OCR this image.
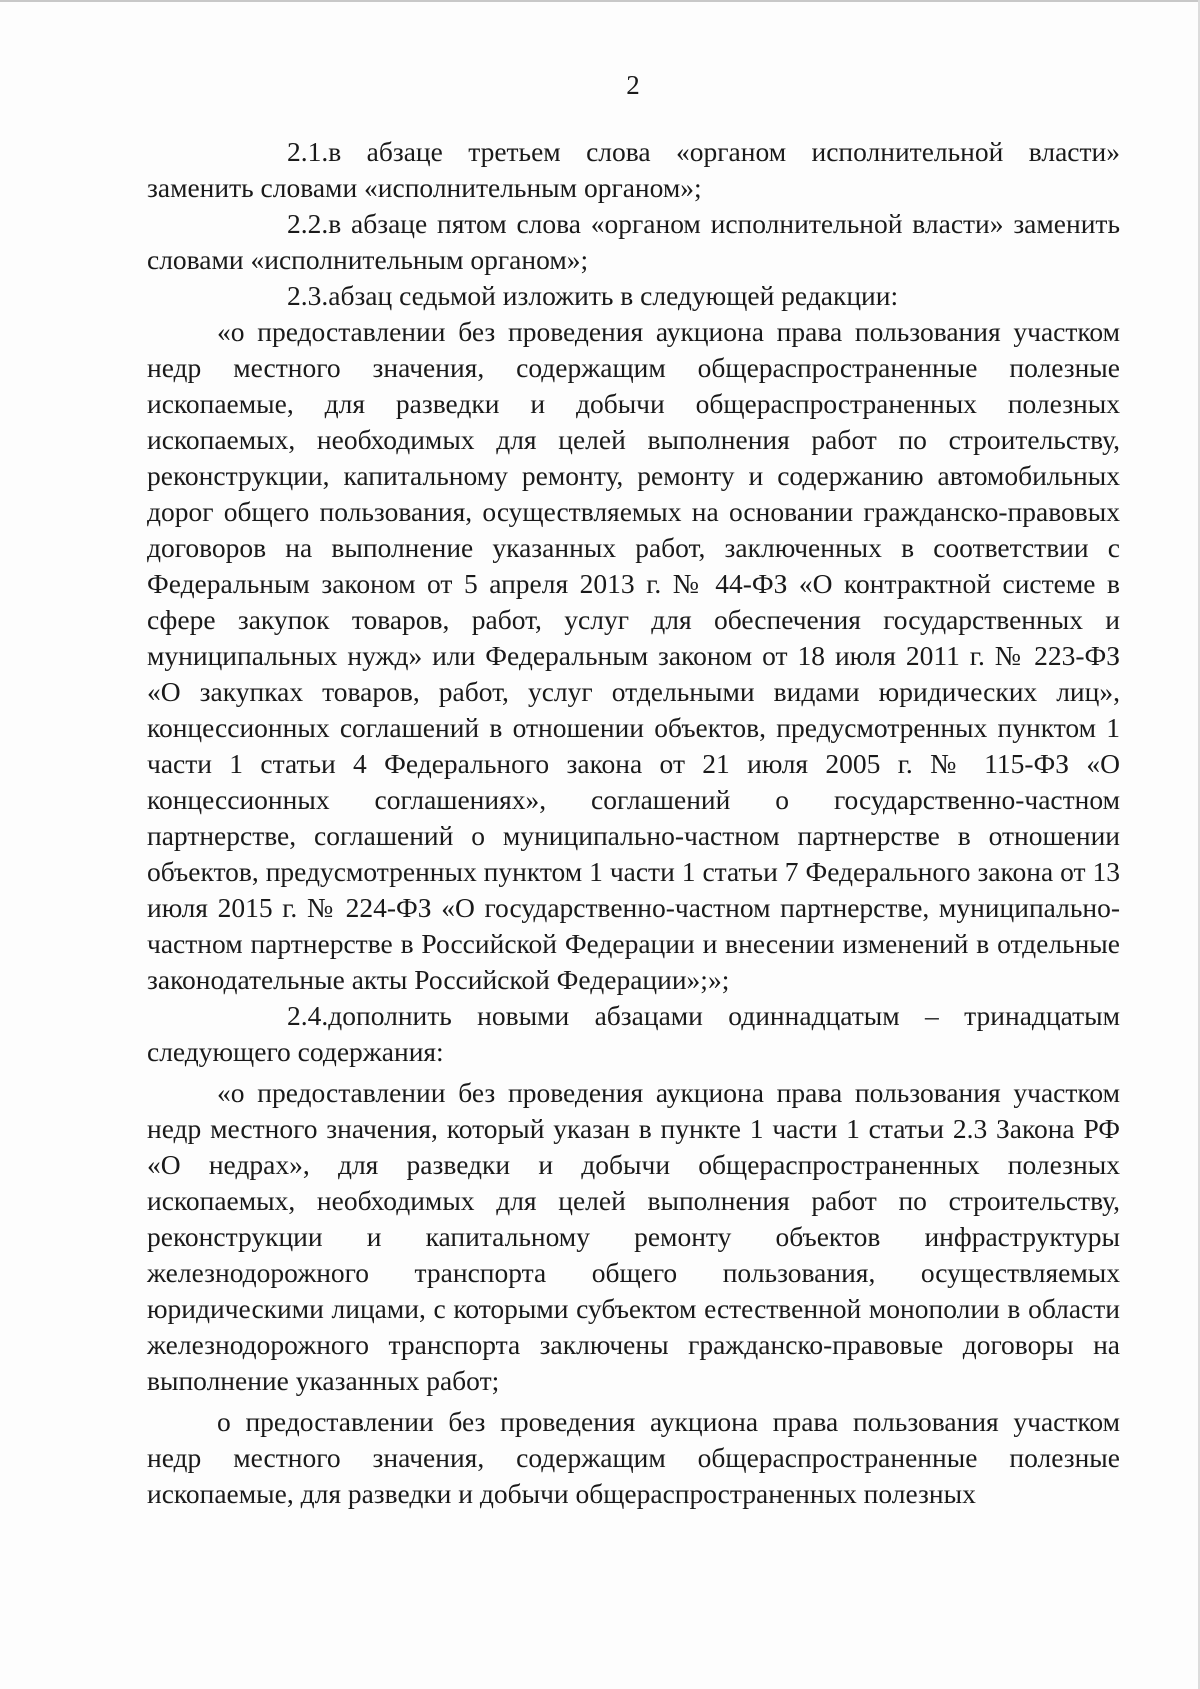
2

2.1.в абзаце третьем слова «органом исполнительной власти» заменить словами «исполнительным органом»;

2.2.в абзаце пятом слова «органом исполнительной власти» заменить словами «исполнительным органом»;

2.3.абзац седьмой изложить в следующей редакции:

«о предоставлении без проведения аукциона права пользования участком недр местного значения, содержащим общераспространенные полезные ископаемые, для разведки и добычи общераспространенных полезных ископаемых, необходимых для целей выполнения работ по строительству, реконструкции, капитальному ремонту, ремонту и содержанию автомобильных дорог общего пользования, осуществляемых на основании гражданско-правовых договоров на выполнение указанных работ, заключенных в соответствии с Федеральным законом от 5 апреля 2013 г. № 44-ФЗ «О контрактной системе в сфере закупок товаров, работ, услуг для обеспечения государственных и муниципальных нужд» или Федеральным законом от 18 июля 2011 г. № 223-ФЗ «О закупках товаров, работ, услуг отдельными видами юридических лиц», концессионных соглашений в отношении объектов, предусмотренных пунктом 1 части 1 статьи 4 Федерального закона от 21 июля 2005 г. № 115-ФЗ «О концессионных соглашениях», соглашений о государственно-частном партнерстве, соглашений о муниципально-частном партнерстве в отношении объектов, предусмотренных пунктом 1 части 1 статьи 7 Федерального закона от 13 июля 2015 г. № 224-ФЗ «О государственно-частном партнерстве, муниципально-частном партнерстве в Российской Федерации и внесении изменений в отдельные законодательные акты Российской Федерации»;»;

2.4.дополнить новыми абзацами одиннадцатым – тринадцатым следующего содержания:

«о предоставлении без проведения аукциона права пользования участком недр местного значения, который указан в пункте 1 части 1 статьи 2.3 Закона РФ «О недрах», для разведки и добычи общераспространенных полезных ископаемых, необходимых для целей выполнения работ по строительству, реконструкции и капитальному ремонту объектов инфраструктуры железнодорожного транспорта общего пользования, осуществляемых юридическими лицами, с которыми субъектом естественной монополии в области железнодорожного транспорта заключены гражданско-правовые договоры на выполнение указанных работ;

о предоставлении без проведения аукциона права пользования участком недр местного значения, содержащим общераспространенные полезные ископаемые, для разведки и добычи общераспространенных полезных
